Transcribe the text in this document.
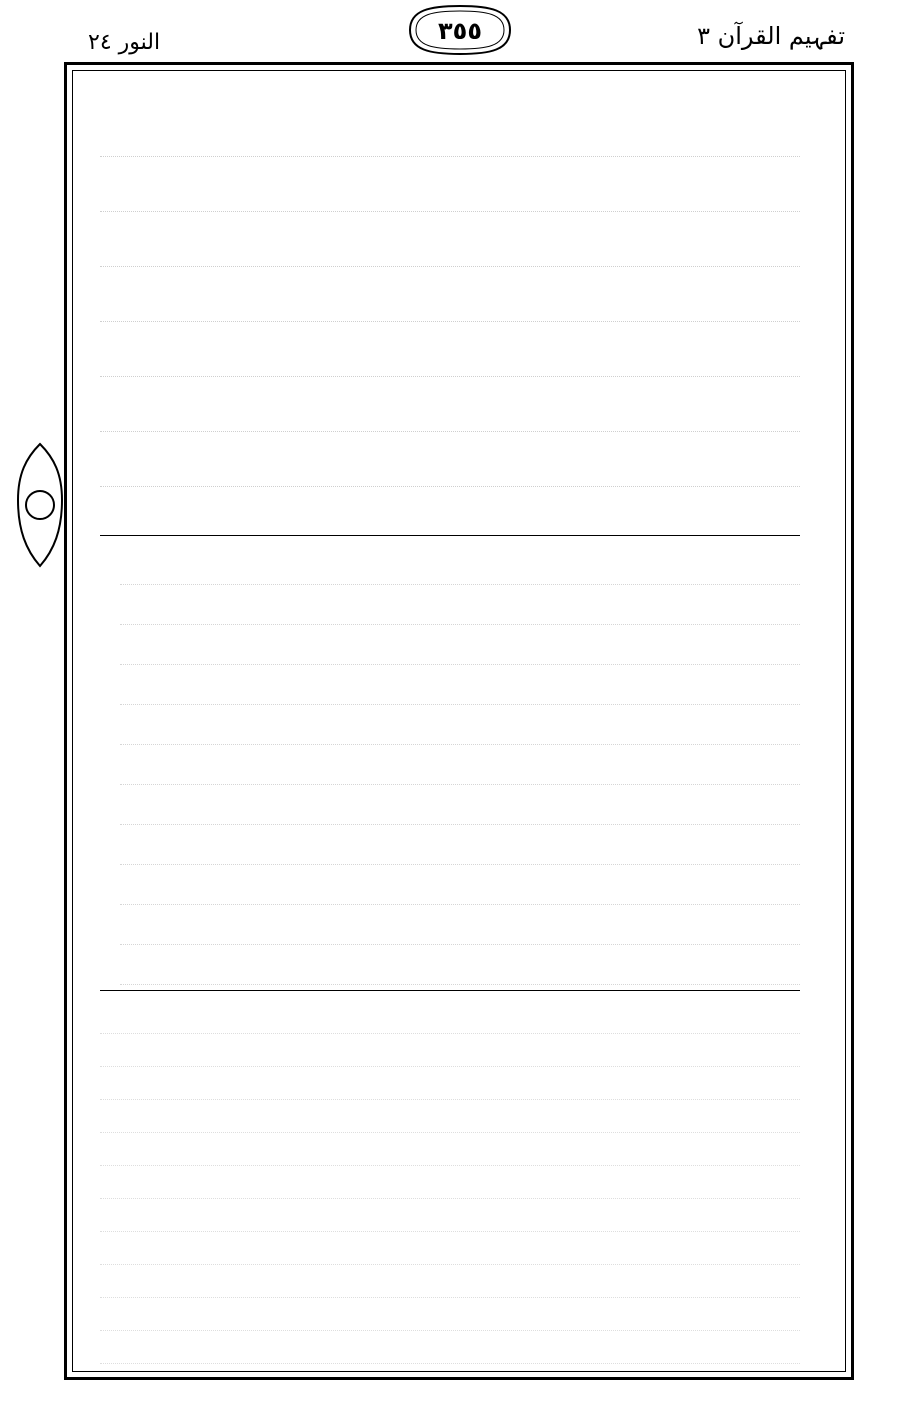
النور ٢٤	٣٥٥	تفہیم القرآن ٣
